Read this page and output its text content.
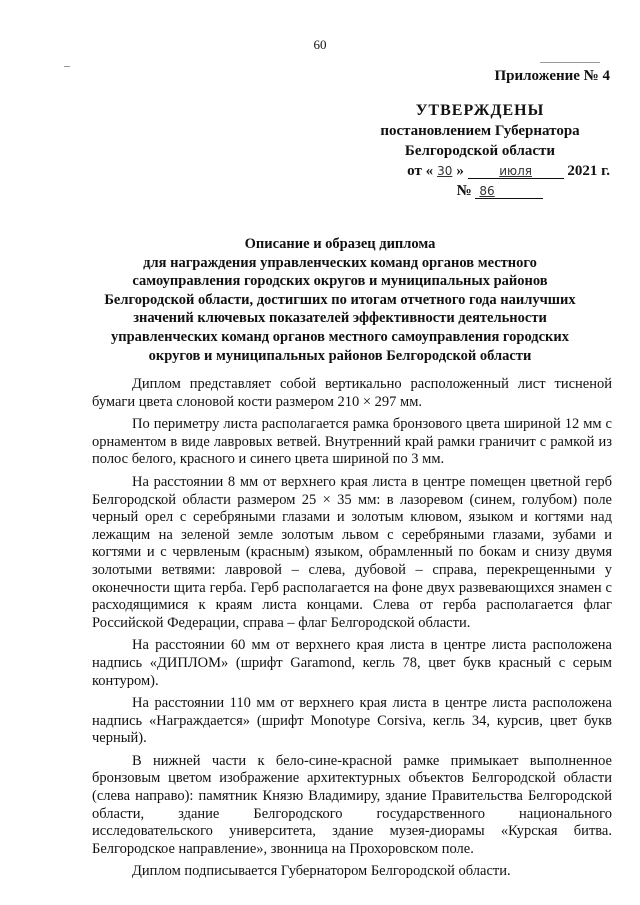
60
Приложение № 4
УТВЕРЖДЕНЫ
постановлением Губернатора
Белгородской области
от « 30 »	июля 2021 г.
№ 86
Описание и образец диплома
для награждения управленческих команд органов местного
самоуправления городских округов и муниципальных районов
Белгородской области, достигших по итогам отчетного года наилучших
значений ключевых показателей эффективности деятельности
управленческих команд органов местного самоуправления городских
округов и муниципальных районов Белгородской области

Диплом представляет собой вертикально расположенный лист тисненой бумаги цвета слоновой кости размером 210 × 297 мм.

По периметру листа располагается рамка бронзового цвета шириной 12 мм с орнаментом в виде лавровых ветвей. Внутренний край рамки граничит с рамкой из полос белого, красного и синего цвета шириной по 3 мм.

На расстоянии 8 мм от верхнего края листа в центре помещен цветной герб Белгородской области размером 25 × 35 мм: в лазоревом (синем, голубом) поле черный орел с серебряными глазами и золотым клювом, языком и когтями над лежащим на зеленой земле золотым львом с серебряными глазами, зубами и когтями и с червленым (красным) языком, обрамленный по бокам и снизу двумя золотыми ветвями: лавровой – слева, дубовой – справа, перекрещенными у оконечности щита герба. Герб располагается на фоне двух развевающихся знамен с расходящимися к краям листа концами. Слева от герба располагается флаг Российской Федерации, справа – флаг Белгородской области.

На расстоянии 60 мм от верхнего края листа в центре листа расположена надпись «ДИПЛОМ» (шрифт Garamond, кегль 78, цвет букв красный с серым контуром).

На расстоянии 110 мм от верхнего края листа в центре листа расположена надпись «Награждается» (шрифт Monotype Corsiva, кегль 34, курсив, цвет букв черный).

В нижней части к бело-сине-красной рамке примыкает выполненное бронзовым цветом изображение архитектурных объектов Белгородской области (слева направо): памятник Князю Владимиру, здание Правительства Белгородской области, здание Белгородского государственного национального исследовательского университета, здание музея-диорамы «Курская битва. Белгородское направление», звонница на Прохоровском поле.

Диплом подписывается Губернатором Белгородской области.
